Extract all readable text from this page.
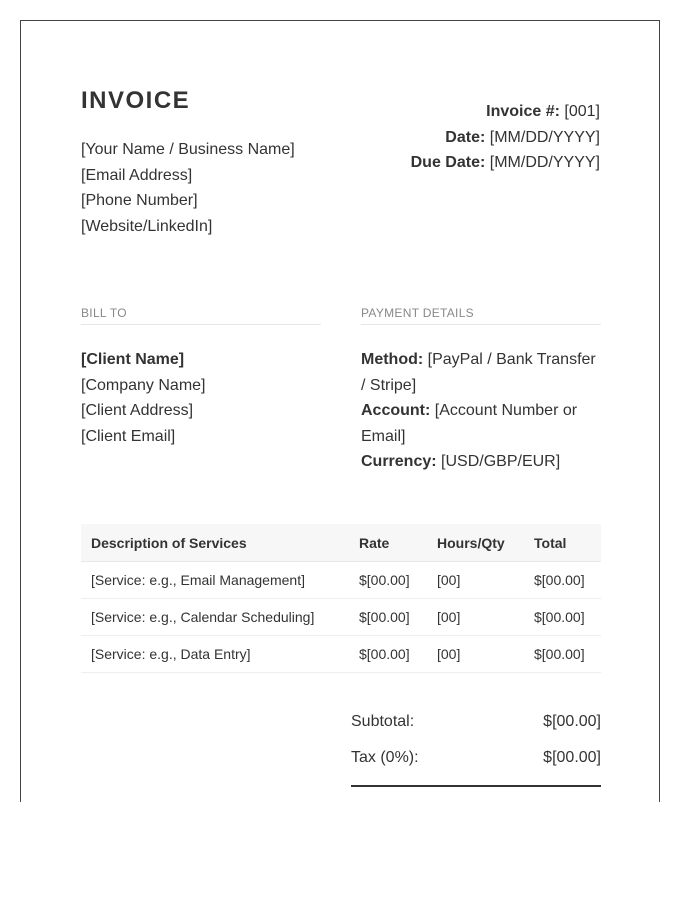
INVOICE
[Your Name / Business Name]
[Email Address]
[Phone Number]
[Website/LinkedIn]
Invoice #: [001]
Date: [MM/DD/YYYY]
Due Date: [MM/DD/YYYY]
BILL TO
[Client Name]
[Company Name]
[Client Address]
[Client Email]
PAYMENT DETAILS
Method: [PayPal / Bank Transfer / Stripe]
Account: [Account Number or Email]
Currency: [USD/GBP/EUR]
Description of Services	Rate	Hours/Qty	Total
[Service: e.g., Email Management]	$[00.00]	[00]	$[00.00]
[Service: e.g., Calendar Scheduling]	$[00.00]	[00]	$[00.00]
[Service: e.g., Data Entry]	$[00.00]	[00]	$[00.00]
Subtotal:	$[00.00]
Tax (0%):	$[00.00]
